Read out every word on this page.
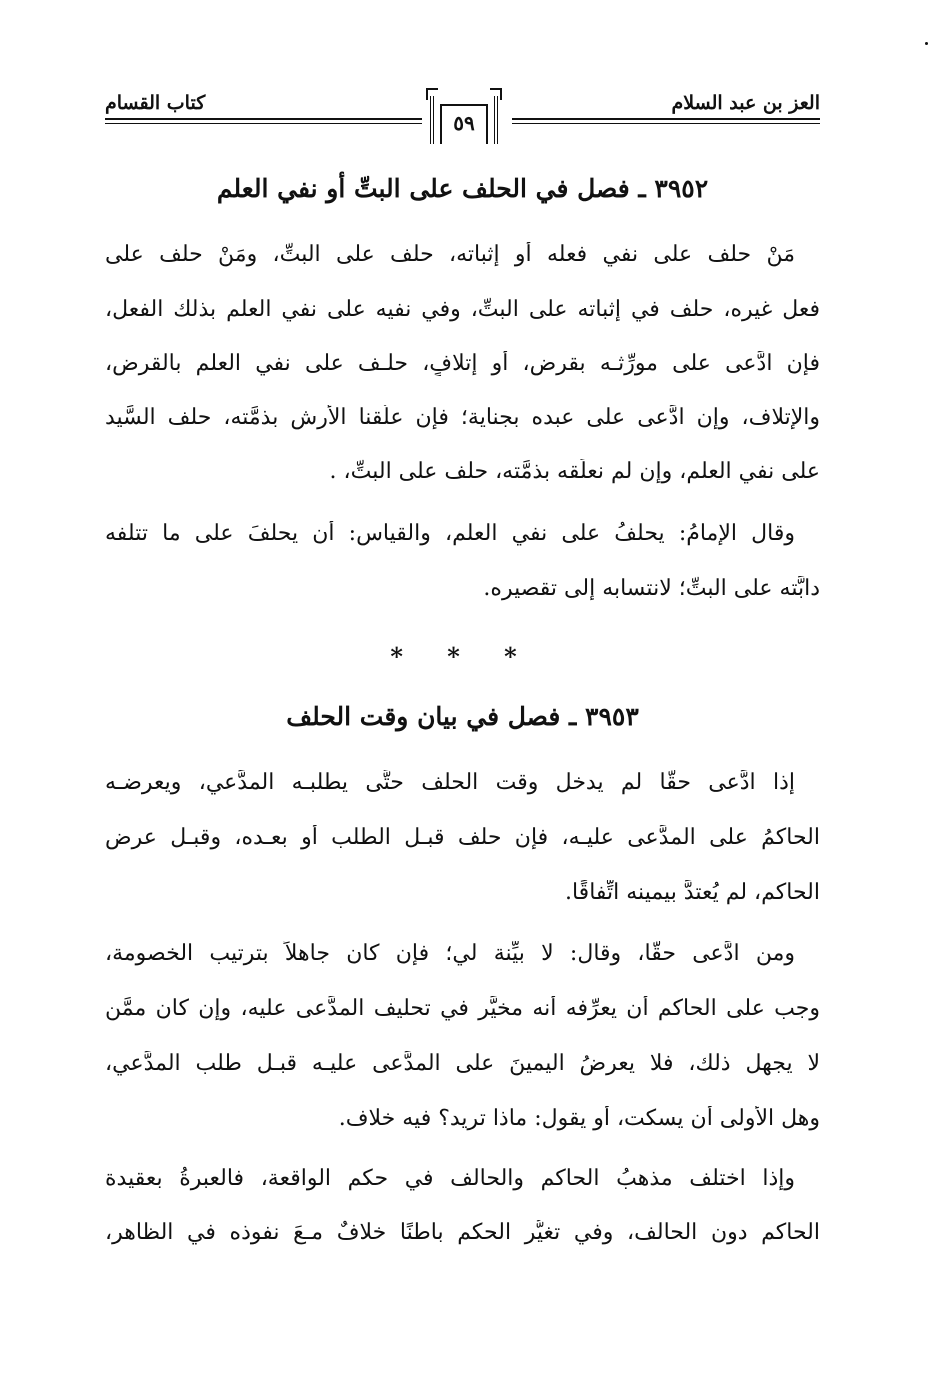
العز بن عبد السلام
كتاب القسام
٥٩
٣٩٥٢ ـ فصل في الحلف على البتِّ أو نفي العلم
مَنْ حلف على نفي فعله أو إثباته، حلف على البتِّ، ومَنْ حلف على
فعل غيره، حلف في إثباته على البتِّ، وفي نفيه على نفي العلم بذلك الفعل،
فإن ادَّعى على مورِّثـه بقرض، أو إتلافٍ، حلـف على نفي العلم بالقرض،
والإتلاف، وإن ادَّعى على عبده بجناية؛ فإن علَّقنا الأرش بذمَّته، حلف السَّيد
على نفي العلم، وإن لم نعلِّقه بذمَّته، حلف على البتِّ، .
وقال الإمامُ: يحلفُ على نفي العلم، والقياس: أن يحلفَ على ما تتلفه
دابَّته على البتِّ؛ لانتسابه إلى تقصيره.
* * *
٣٩٥٣ ـ فصل في بيان وقت الحلف
إذا ادَّعى حقًّا لم يدخل وقت الحلف حتَّى يطلبـه المدَّعي، ويعرضـه
الحاكمُ على المدَّعى عليـه، فإن حلف قبـل الطلب أو بعـده، وقبـل عرض
الحاكم، لم يُعتدَّ بيمينه اتِّفاقًا.
ومن ادَّعى حقًّا، وقال: لا بيِّنة لي؛ فإن كان جاهلاً بترتيب الخصومة،
وجب على الحاكم أن يعرِّفه أنه مخيَّر في تحليف المدَّعى عليه، وإن كان ممَّن
لا يجهل ذلك، فلا يعرضُ اليمينَ على المدَّعى عليـه قبـل طلب المدَّعي،
وهل الأولى أن يسكت، أو يقول: ماذا تريد؟ فيه خلاف.
وإذا اختلف مذهبُ الحاكم والحالف في حكم الواقعة، فالعبرةُ بعقيدة
الحاكم دون الحالف، وفي تغيُّر الحكم باطنًا خلافٌ مـعَ نفوذه في الظاهر،
